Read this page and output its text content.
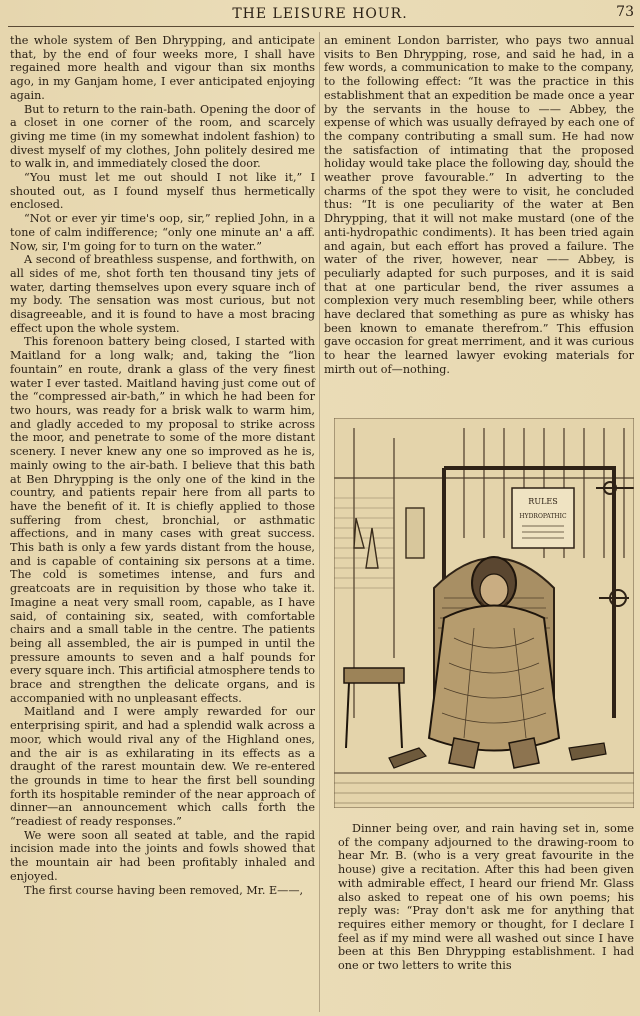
THE LEISURE HOUR.	73

the whole system of Ben Dhrypping, and anticipate that, by the end of four weeks more, I shall have regained more health and vigour than six months ago, in my Ganjam home, I ever anticipated enjoying again.

But to return to the rain-bath. Opening the door of a closet in one corner of the room, and scarcely giving me time (in my somewhat indolent fashion) to divest myself of my clothes, John politely desired me to walk in, and immediately closed the door.

“You must let me out should I not like it,” I shouted out, as I found myself thus hermetically enclosed.

“Not or ever yir time's oop, sir,” replied John, in a tone of calm indifference; “only one minute an' a aff. Now, sir, I'm going for to turn on the water.”

A second of breathless suspense, and forthwith, on all sides of me, shot forth ten thousand tiny jets of water, darting themselves upon every square inch of my body. The sensation was most curious, but not disagreeable, and it is found to have a most bracing effect upon the whole system.

This forenoon battery being closed, I started with Maitland for a long walk; and, taking the “lion fountain” en route, drank a glass of the very finest water I ever tasted. Maitland having just come out of the “compressed air-bath,” in which he had been for two hours, was ready for a brisk walk to warm him, and gladly acceded to my proposal to strike across the moor, and penetrate to some of the more distant scenery. I never knew any one so improved as he is, mainly owing to the air-bath. I believe that this bath at Ben Dhrypping is the only one of the kind in the country, and patients repair here from all parts to have the benefit of it. It is chiefly applied to those suffering from chest, bronchial, or asthmatic affections, and in many cases with great success. This bath is only a few yards distant from the house, and is capable of containing six persons at a time. The cold is sometimes intense, and furs and greatcoats are in requisition by those who take it. Imagine a neat very small room, capable, as I have said, of containing six, seated, with comfortable chairs and a small table in the centre. The patients being all assembled, the air is pumped in until the pressure amounts to seven and a half pounds for every square inch. This artificial atmosphere tends to brace and strengthen the delicate organs, and is accompanied with no unpleasant effects.

Maitland and I were amply rewarded for our enterprising spirit, and had a splendid walk across a moor, which would rival any of the Highland ones, and the air is as exhilarating in its effects as a draught of the rarest mountain dew. We re-entered the grounds in time to hear the first bell sounding forth its hospitable reminder of the near approach of dinner—an announcement which calls forth the “readiest of ready responses.”

We were soon all seated at table, and the rapid incision made into the joints and fowls showed that the mountain air had been profitably inhaled and enjoyed.

The first course having been removed, Mr. E——,

an eminent London barrister, who pays two annual visits to Ben Dhrypping, rose, and said he had, in a few words, a communication to make to the company, to the following effect: “It was the practice in this establishment that an expedition be made once a year by the servants in the house to —— Abbey, the expense of which was usually defrayed by each one of the company contributing a small sum. He had now the satisfaction of intimating that the proposed holiday would take place the following day, should the weather prove favourable.” In adverting to the charms of the spot they were to visit, he concluded thus: “It is one peculiarity of the water at Ben Dhrypping, that it will not make mustard (one of the anti-hydropathic condiments). It has been tried again and again, but each effort has proved a failure. The water of the river, however, near —— Abbey, is peculiarly adapted for such purposes, and it is said that at one particular bend, the river assumes a complexion very much resembling beer, while others have declared that something as pure as whisky has been known to emanate therefrom.” This effusion gave occasion for great merriment, and it was curious to hear the learned lawyer evoking materials for mirth out of—nothing.

RULES
HYDROPATHIC

Dinner being over, and rain having set in, some of the company adjourned to the drawing-room to hear Mr. B. (who is a very great favourite in the house) give a recitation. After this had been given with admirable effect, I heard our friend Mr. Glass also asked to repeat one of his own poems; his reply was: “Pray don't ask me for anything that requires either memory or thought, for I declare I feel as if my mind were all washed out since I have been at this Ben Dhrypping establishment. I had one or two letters to write this
